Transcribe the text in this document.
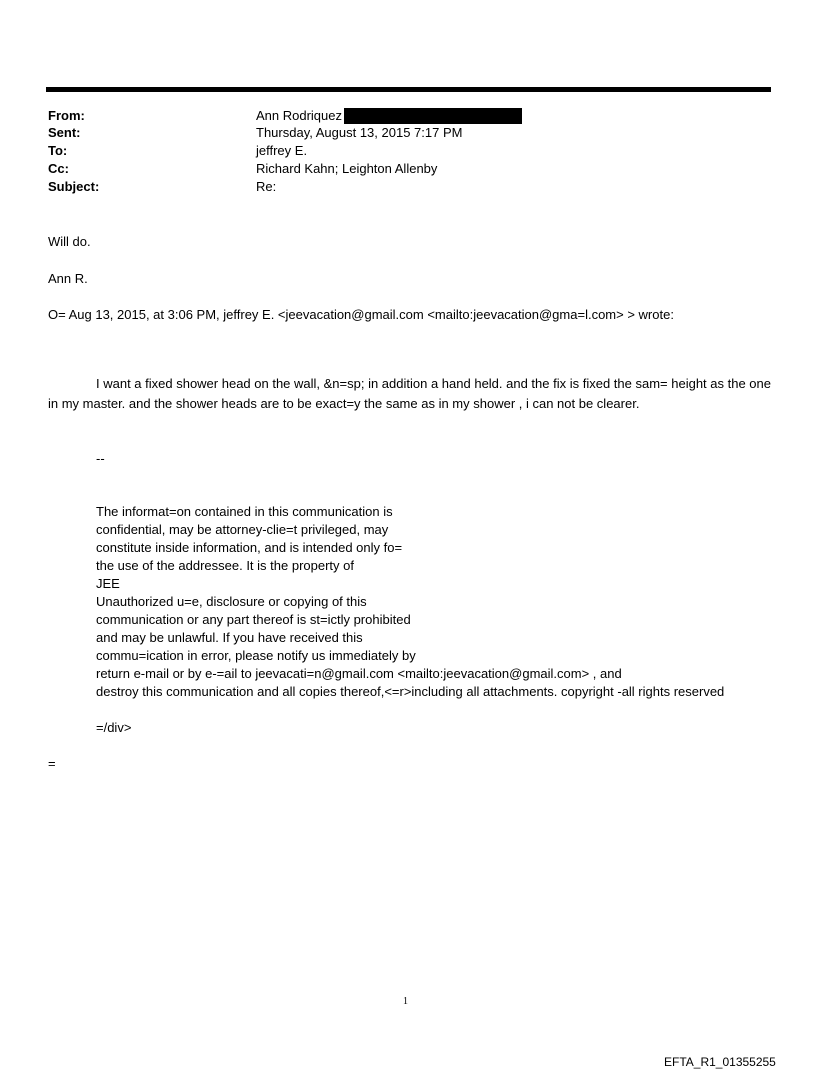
From:	Ann Rodriquez
Sent:	Thursday, August 13, 2015 7:17 PM
To:	jeffrey E.
Cc:	Richard Kahn; Leighton Allenby
Subject:	Re:
Will do.
Ann R.
O= Aug 13, 2015, at 3:06 PM, jeffrey E. <jeevacation@gmail.com <mailto:jeevacation@gma=l.com> > wrote:
I want a fixed shower head on the wall, &n=sp; in addition a hand held. and the fix is fixed the sam= height as the one in my master. and the shower heads are to be exact=y the same as in my shower , i can not be clearer.
--
The informat=on contained in this communication is
confidential, may be attorney-clie=t privileged, may
constitute inside information, and is intended only fo=
the use of the addressee. It is the property of
JEE
Unauthorized u=e, disclosure or copying of this
communication or any part thereof is st=ictly prohibited
and may be unlawful. If you have received this
commu=ication in error, please notify us immediately by
return e-mail or by e-=ail to jeevacati=n@gmail.com <mailto:jeevacation@gmail.com> , and
destroy this communication and all copies thereof,<=r>including all attachments. copyright -all rights reserved
=/div>
=
1
EFTA_R1_01355255
